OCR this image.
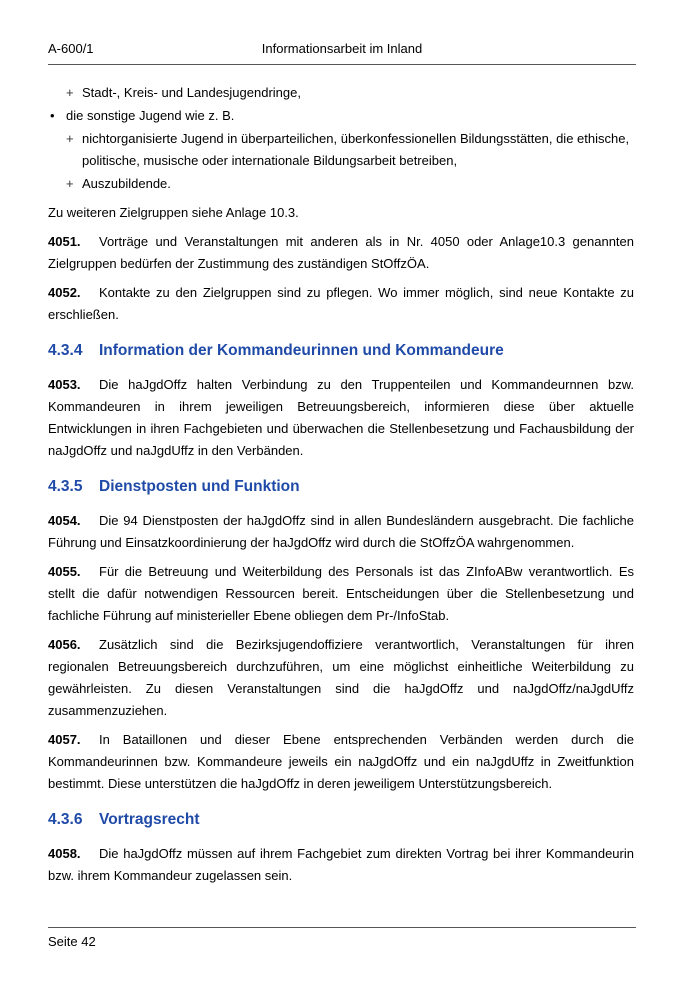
A-600/1	Informationsarbeit im Inland
+ Stadt-, Kreis- und Landesjugendringe,
• die sonstige Jugend wie z. B.
+ nichtorganisierte Jugend in überparteilichen, überkonfessionellen Bildungsstätten, die ethische, politische, musische oder internationale Bildungsarbeit betreiben,
+ Auszubildende.

Zu weiteren Zielgruppen siehe Anlage 10.3.

4051. Vorträge und Veranstaltungen mit anderen als in Nr. 4050 oder Anlage10.3 genannten Zielgruppen bedürfen der Zustimmung des zuständigen StOffzÖA.

4052. Kontakte zu den Zielgruppen sind zu pflegen. Wo immer möglich, sind neue Kontakte zu erschließen.

4.3.4 Information der Kommandeurinnen und Kommandeure

4053. Die haJgdOffz halten Verbindung zu den Truppenteilen und Kommandeurnnen bzw. Kommandeuren in ihrem jeweiligen Betreuungsbereich, informieren diese über aktuelle Entwicklungen in ihren Fachgebieten und überwachen die Stellenbesetzung und Fachausbildung der naJgdOffz und naJgdUffz in den Verbänden.

4.3.5 Dienstposten und Funktion

4054. Die 94 Dienstposten der haJgdOffz sind in allen Bundesländern ausgebracht. Die fachliche Führung und Einsatzkoordinierung der haJgdOffz wird durch die StOffzÖA wahrgenommen.

4055. Für die Betreuung und Weiterbildung des Personals ist das ZInfoABw verantwortlich. Es stellt die dafür notwendigen Ressourcen bereit. Entscheidungen über die Stellenbesetzung und fachliche Führung auf ministerieller Ebene obliegen dem Pr-/InfoStab.

4056. Zusätzlich sind die Bezirksjugendoffiziere verantwortlich, Veranstaltungen für ihren regionalen Betreuungsbereich durchzuführen, um eine möglichst einheitliche Weiterbildung zu gewährleisten. Zu diesen Veranstaltungen sind die haJgdOffz und naJgdOffz/naJgdUffz zusammenzuziehen.

4057. In Bataillonen und dieser Ebene entsprechenden Verbänden werden durch die Kommandeurinnen bzw. Kommandeure jeweils ein naJgdOffz und ein naJgdUffz in Zweitfunktion bestimmt. Diese unterstützen die haJgdOffz in deren jeweiligem Unterstützungsbereich.

4.3.6 Vortragsrecht

4058. Die haJgdOffz müssen auf ihrem Fachgebiet zum direkten Vortrag bei ihrer Kommandeurin bzw. ihrem Kommandeur zugelassen sein.

Seite 42
